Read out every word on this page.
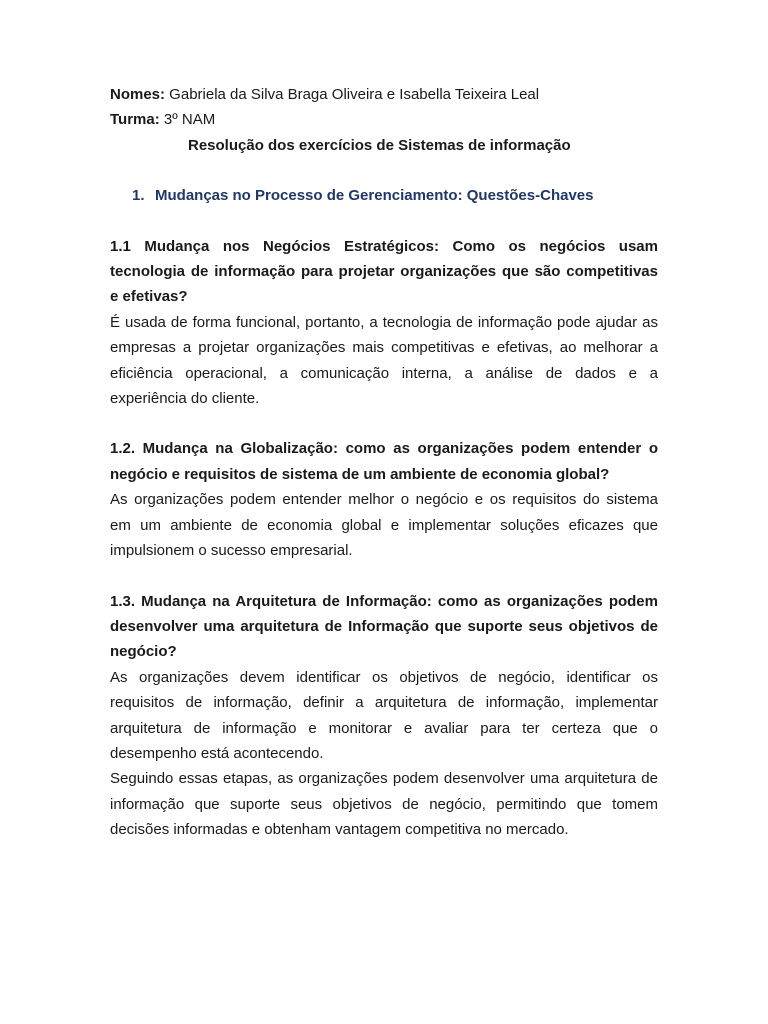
Nomes: Gabriela da Silva Braga Oliveira e Isabella Teixeira Leal
Turma: 3º NAM
Resolução dos exercícios de Sistemas de informação
1. Mudanças no Processo de Gerenciamento: Questões-Chaves
1.1 Mudança nos Negócios Estratégicos: Como os negócios usam
tecnologia de informação para projetar organizações que são competitivas
e efetivas?
É usada de forma funcional, portanto, a tecnologia de informação pode ajudar as
empresas a projetar organizações mais competitivas e efetivas, ao melhorar a
eficiência operacional, a comunicação interna, a análise de dados e a
experiência do cliente.
1.2. Mudança na Globalização: como as organizações podem entender o
negócio e requisitos de sistema de um ambiente de economia global?
As organizações podem entender melhor o negócio e os requisitos do sistema
em um ambiente de economia global e implementar soluções eficazes que
impulsionem o sucesso empresarial.
1.3. Mudança na Arquitetura de Informação: como as organizações podem
desenvolver uma arquitetura de Informação que suporte seus objetivos de
negócio?
As organizações devem identificar os objetivos de negócio, identificar os
requisitos de informação, definir a arquitetura de informação, implementar
arquitetura de informação e monitorar e avaliar para ter certeza que o
desempenho está acontecendo.
Seguindo essas etapas, as organizações podem desenvolver uma arquitetura de
informação que suporte seus objetivos de negócio, permitindo que tomem
decisões informadas e obtenham vantagem competitiva no mercado.
